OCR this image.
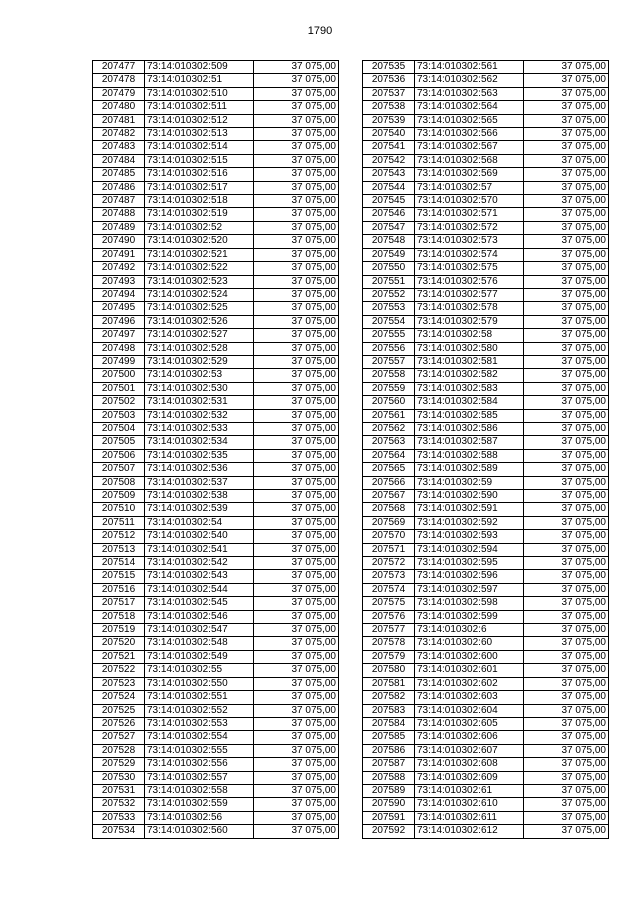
1790
207477	73:14:010302:509	37 075,00
207478	73:14:010302:51	37 075,00
207479	73:14:010302:510	37 075,00
207480	73:14:010302:511	37 075,00
207481	73:14:010302:512	37 075,00
207482	73:14:010302:513	37 075,00
207483	73:14:010302:514	37 075,00
207484	73:14:010302:515	37 075,00
207485	73:14:010302:516	37 075,00
207486	73:14:010302:517	37 075,00
207487	73:14:010302:518	37 075,00
207488	73:14:010302:519	37 075,00
207489	73:14:010302:52	37 075,00
207490	73:14:010302:520	37 075,00
207491	73:14:010302:521	37 075,00
207492	73:14:010302:522	37 075,00
207493	73:14:010302:523	37 075,00
207494	73:14:010302:524	37 075,00
207495	73:14:010302:525	37 075,00
207496	73:14:010302:526	37 075,00
207497	73:14:010302:527	37 075,00
207498	73:14:010302:528	37 075,00
207499	73:14:010302:529	37 075,00
207500	73:14:010302:53	37 075,00
207501	73:14:010302:530	37 075,00
207502	73:14:010302:531	37 075,00
207503	73:14:010302:532	37 075,00
207504	73:14:010302:533	37 075,00
207505	73:14:010302:534	37 075,00
207506	73:14:010302:535	37 075,00
207507	73:14:010302:536	37 075,00
207508	73:14:010302:537	37 075,00
207509	73:14:010302:538	37 075,00
207510	73:14:010302:539	37 075,00
207511	73:14:010302:54	37 075,00
207512	73:14:010302:540	37 075,00
207513	73:14:010302:541	37 075,00
207514	73:14:010302:542	37 075,00
207515	73:14:010302:543	37 075,00
207516	73:14:010302:544	37 075,00
207517	73:14:010302:545	37 075,00
207518	73:14:010302:546	37 075,00
207519	73:14:010302:547	37 075,00
207520	73:14:010302:548	37 075,00
207521	73:14:010302:549	37 075,00
207522	73:14:010302:55	37 075,00
207523	73:14:010302:550	37 075,00
207524	73:14:010302:551	37 075,00
207525	73:14:010302:552	37 075,00
207526	73:14:010302:553	37 075,00
207527	73:14:010302:554	37 075,00
207528	73:14:010302:555	37 075,00
207529	73:14:010302:556	37 075,00
207530	73:14:010302:557	37 075,00
207531	73:14:010302:558	37 075,00
207532	73:14:010302:559	37 075,00
207533	73:14:010302:56	37 075,00
207534	73:14:010302:560	37 075,00
207535	73:14:010302:561	37 075,00
207536	73:14:010302:562	37 075,00
207537	73:14:010302:563	37 075,00
207538	73:14:010302:564	37 075,00
207539	73:14:010302:565	37 075,00
207540	73:14:010302:566	37 075,00
207541	73:14:010302:567	37 075,00
207542	73:14:010302:568	37 075,00
207543	73:14:010302:569	37 075,00
207544	73:14:010302:57	37 075,00
207545	73:14:010302:570	37 075,00
207546	73:14:010302:571	37 075,00
207547	73:14:010302:572	37 075,00
207548	73:14:010302:573	37 075,00
207549	73:14:010302:574	37 075,00
207550	73:14:010302:575	37 075,00
207551	73:14:010302:576	37 075,00
207552	73:14:010302:577	37 075,00
207553	73:14:010302:578	37 075,00
207554	73:14:010302:579	37 075,00
207555	73:14:010302:58	37 075,00
207556	73:14:010302:580	37 075,00
207557	73:14:010302:581	37 075,00
207558	73:14:010302:582	37 075,00
207559	73:14:010302:583	37 075,00
207560	73:14:010302:584	37 075,00
207561	73:14:010302:585	37 075,00
207562	73:14:010302:586	37 075,00
207563	73:14:010302:587	37 075,00
207564	73:14:010302:588	37 075,00
207565	73:14:010302:589	37 075,00
207566	73:14:010302:59	37 075,00
207567	73:14:010302:590	37 075,00
207568	73:14:010302:591	37 075,00
207569	73:14:010302:592	37 075,00
207570	73:14:010302:593	37 075,00
207571	73:14:010302:594	37 075,00
207572	73:14:010302:595	37 075,00
207573	73:14:010302:596	37 075,00
207574	73:14:010302:597	37 075,00
207575	73:14:010302:598	37 075,00
207576	73:14:010302:599	37 075,00
207577	73:14:010302:6	37 075,00
207578	73:14:010302:60	37 075,00
207579	73:14:010302:600	37 075,00
207580	73:14:010302:601	37 075,00
207581	73:14:010302:602	37 075,00
207582	73:14:010302:603	37 075,00
207583	73:14:010302:604	37 075,00
207584	73:14:010302:605	37 075,00
207585	73:14:010302:606	37 075,00
207586	73:14:010302:607	37 075,00
207587	73:14:010302:608	37 075,00
207588	73:14:010302:609	37 075,00
207589	73:14:010302:61	37 075,00
207590	73:14:010302:610	37 075,00
207591	73:14:010302:611	37 075,00
207592	73:14:010302:612	37 075,00
